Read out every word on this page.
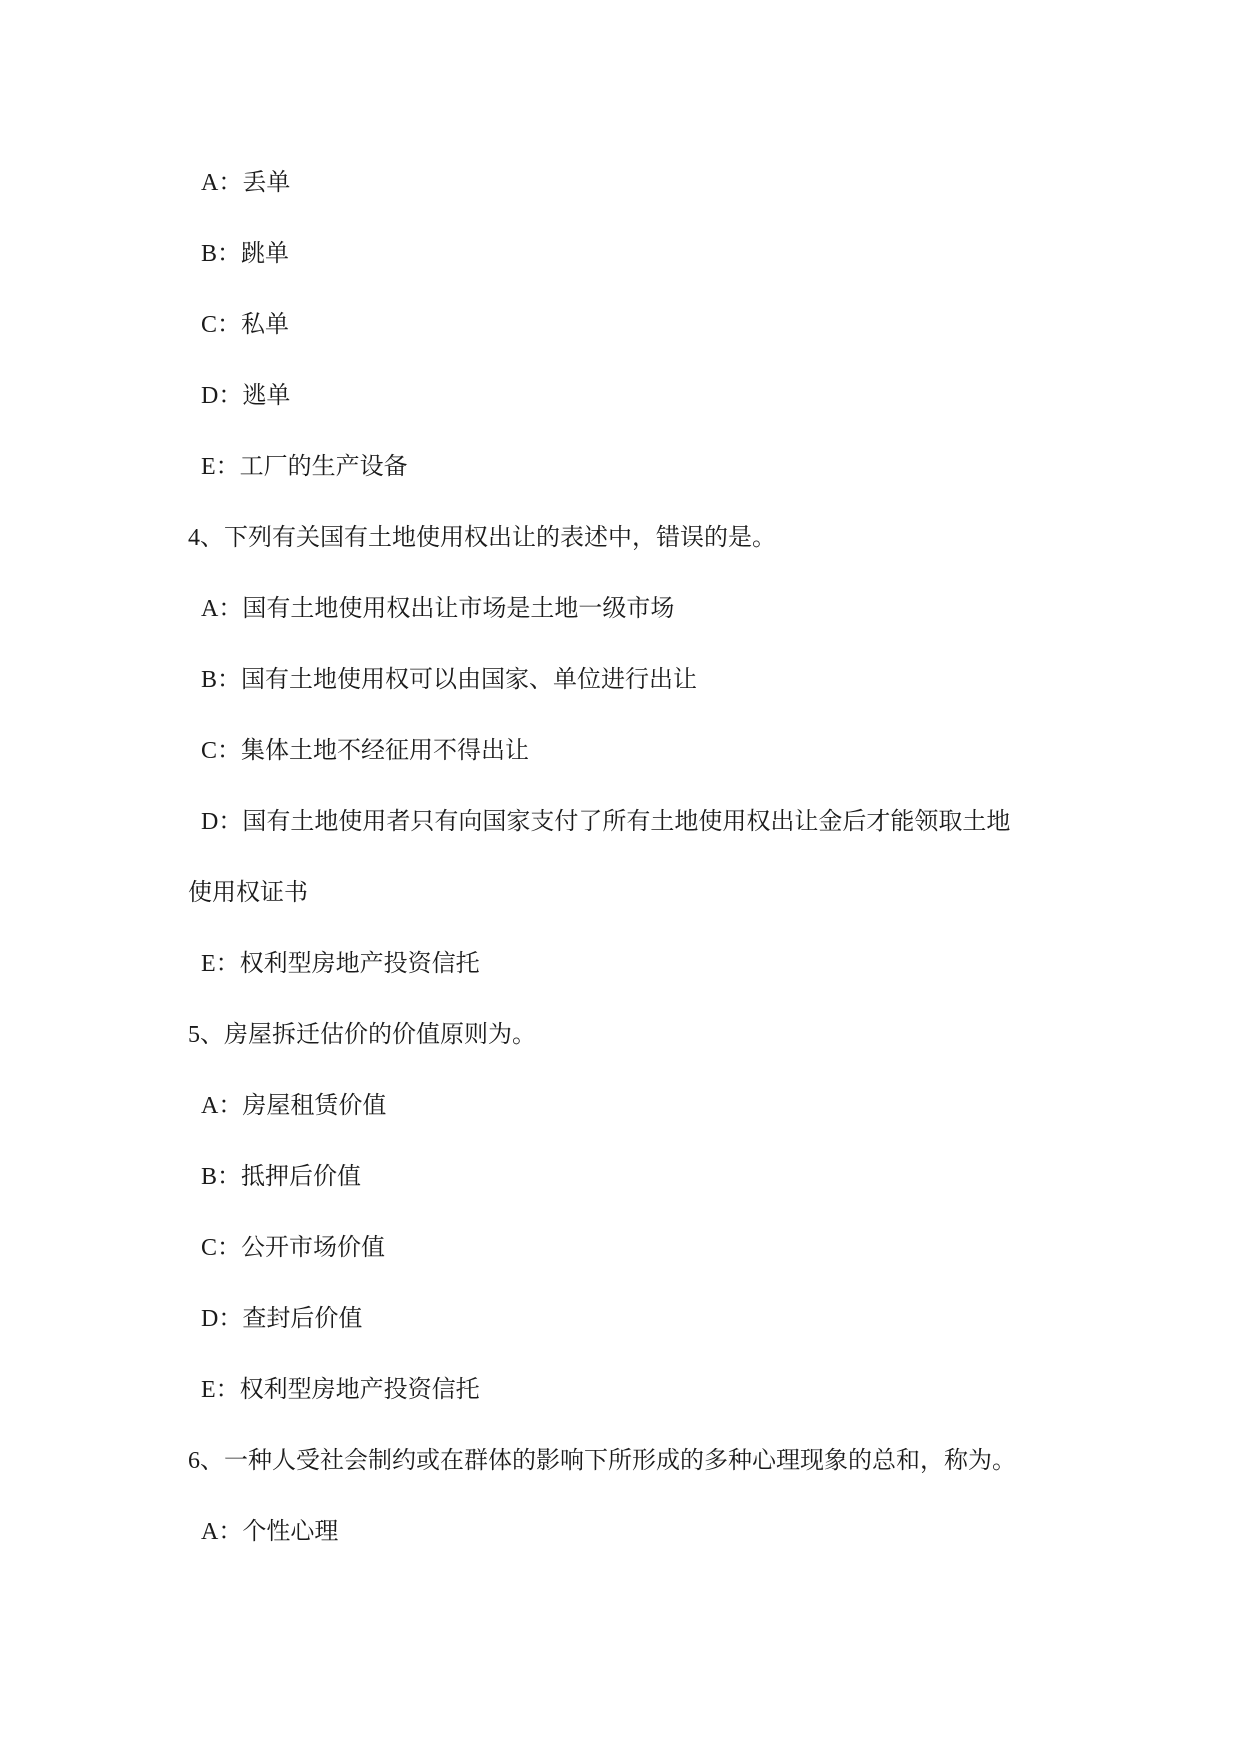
A：丢单
B：跳单
C：私单
D：逃单
E：工厂的生产设备
4、下列有关国有土地使用权出让的表述中，错误的是。
A：国有土地使用权出让市场是土地一级市场
B：国有土地使用权可以由国家、单位进行出让
C：集体土地不经征用不得出让
D：国有土地使用者只有向国家支付了所有土地使用权出让金后才能领取土地
使用权证书
E：权利型房地产投资信托
5、房屋拆迁估价的价值原则为。
A：房屋租赁价值
B：抵押后价值
C：公开市场价值
D：查封后价值
E：权利型房地产投资信托
6、一种人受社会制约或在群体的影响下所形成的多种心理现象的总和，称为。
A：个性心理
